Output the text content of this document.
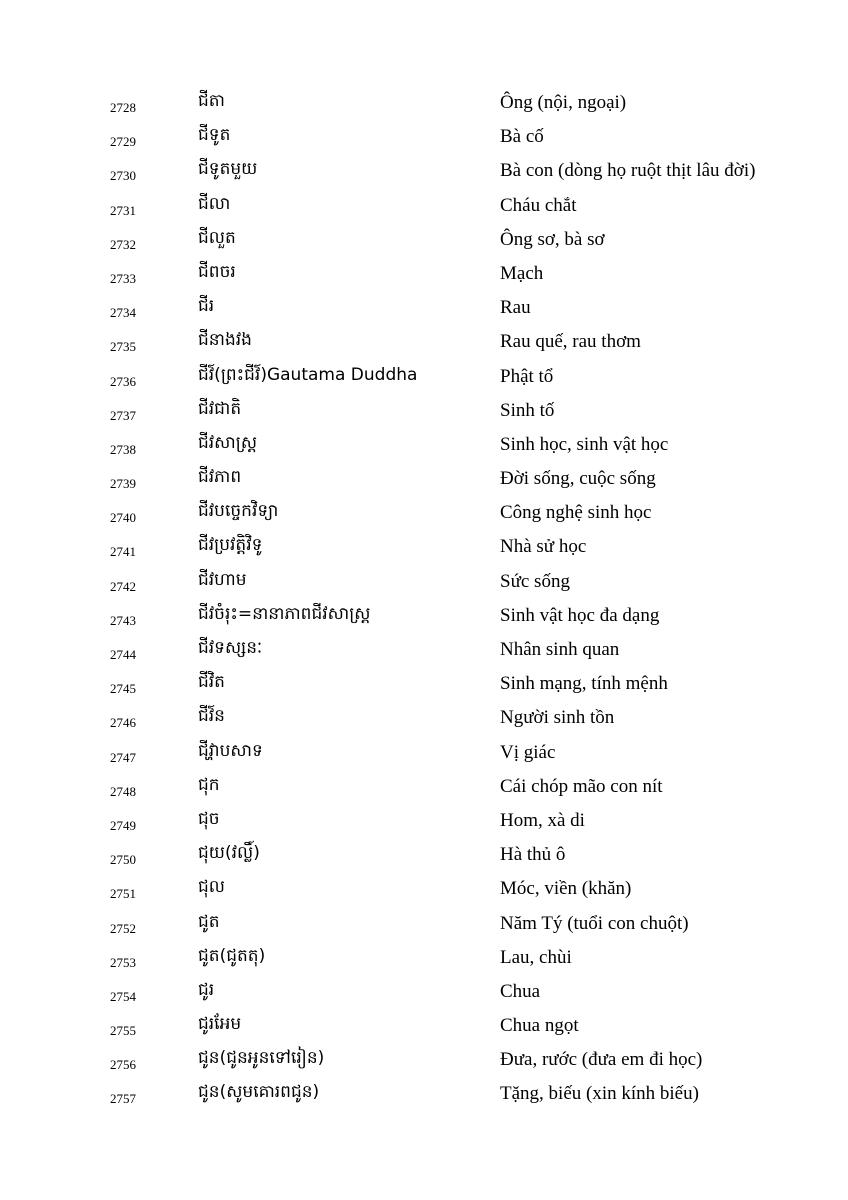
2728	ជីតា	Ông (nội, ngoại)
2729	ជីទូត	Bà cố
2730	ជីទូតមួយ	Bà con (dòng họ ruột thịt lâu đời)
2731	ជីលា	Cháu chắt
2732	ជីលួត	Ông sơ, bà sơ
2733	ជីពចរ	Mạch
2734	ជីរ	Rau
2735	ជីនាងវង	Rau quế, rau thơm
2736	ជីវ៍(ព្រះជីវ៍)Gautama Duddha	Phật tổ
2737	ជីវជាតិ	Sinh tố
2738	ជីវសាស្ត្រ	Sinh học, sinh vật học
2739	ជីវភាព	Đời sống, cuộc sống
2740	ជីវបច្ចេកវិទ្យា	Công nghệ sinh học
2741	ជីវប្រវត្តិវិទូ	Nhà sử học
2742	ជីវហាម	Sức sống
2743	ជីវចំរុះ=នានាភាពជីវសាស្ត្រ	Sinh vật học đa dạng
2744	ជីវទស្សនៈ	Nhân sinh quan
2745	ជីវិត	Sinh mạng, tính mệnh
2746	ជីវ៍ន	Người sinh tồn
2747	ជីវ្ហាបសាទ	Vị giác
2748	ជុក	Cái chóp mão con nít
2749	ជុច	Hom, xà di
2750	ជុយ(វល្លិ៍)	Hà thủ ô
2751	ជុល	Móc, viền (khăn)
2752	ជូត	Năm Tý (tuổi con chuột)
2753	ជូត(ជូតតុ)	Lau, chùi
2754	ជូរ	Chua
2755	ជូរអែម	Chua ngọt
2756	ជូន(ជូនអូនទៅរៀន)	Đưa, rước (đưa em đi học)
2757	ជូន(សូមគោរពជូន)	Tặng, biếu (xin kính biếu)
